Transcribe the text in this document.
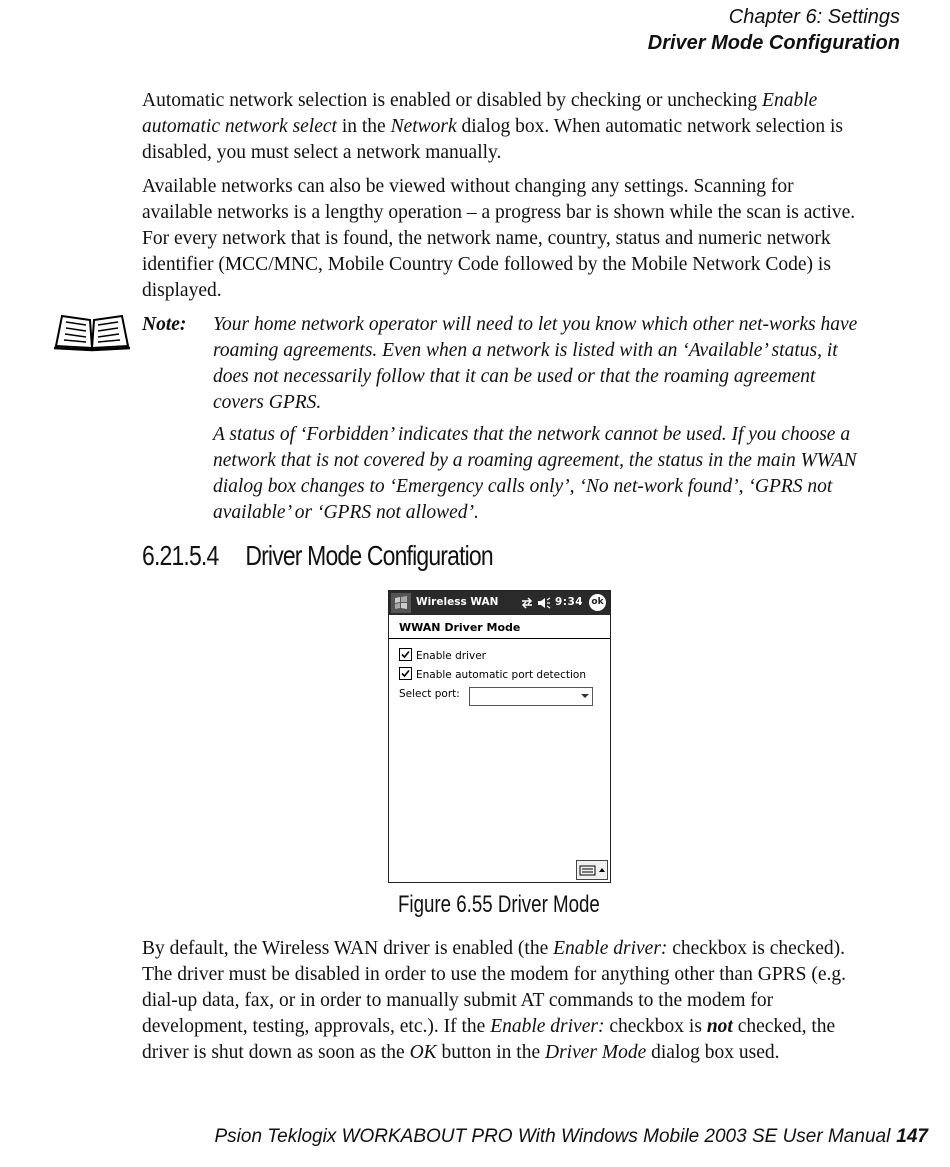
Chapter 6: Settings
Driver Mode Configuration

Automatic network selection is enabled or disabled by checking or unchecking Enable automatic network select in the Network dialog box. When automatic network selection is disabled, you must select a network manually.

Available networks can also be viewed without changing any settings. Scanning for available networks is a lengthy operation – a progress bar is shown while the scan is active. For every network that is found, the network name, country, status and numeric network identifier (MCC/MNC, Mobile Country Code followed by the Mobile Network Code) is displayed.

Note: Your home network operator will need to let you know which other net-works have roaming agreements. Even when a network is listed with an ‘Available’ status, it does not necessarily follow that it can be used or that the roaming agreement covers GPRS.

A status of ‘Forbidden’ indicates that the network cannot be used. If you choose a network that is not covered by a roaming agreement, the status in the main WWAN dialog box changes to ‘Emergency calls only’, ‘No net-work found’, ‘GPRS not available’ or ‘GPRS not allowed’.

6.21.5.4 Driver Mode Configuration
Wireless WAN	9:34 ok
WWAN Driver Mode
Enable driver
Enable automatic port detection
Select port:
Figure 6.55 Driver Mode

By default, the Wireless WAN driver is enabled (the Enable driver: checkbox is checked). The driver must be disabled in order to use the modem for anything other than GPRS (e.g. dial-up data, fax, or in order to manually submit AT commands to the modem for development, testing, approvals, etc.). If the Enable driver: checkbox is not checked, the driver is shut down as soon as the OK button in the Driver Mode dialog box used.

Psion Teklogix WORKABOUT PRO With Windows Mobile 2003 SE User Manual 147
